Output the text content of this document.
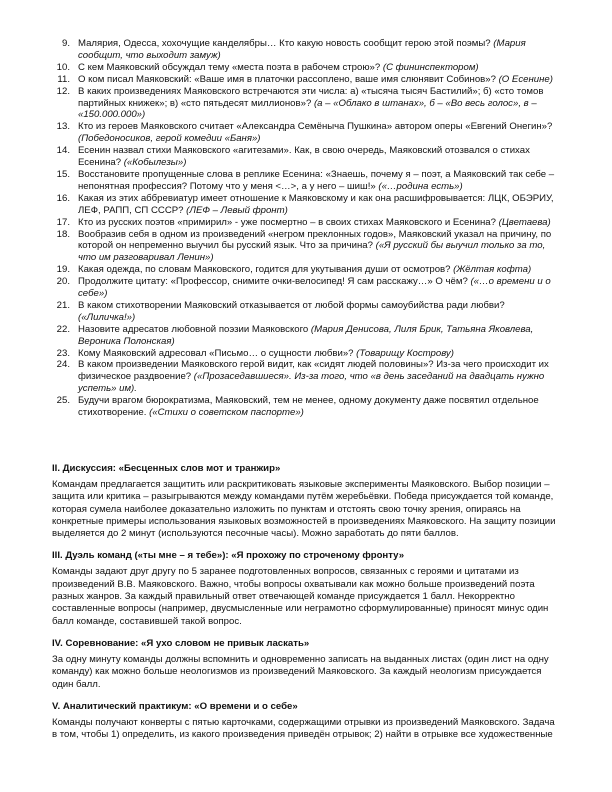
9. Малярия, Одесса, хохочущие канделябры… Кто какую новость сообщит герою этой поэмы? (Мария сообщит, что выходит замуж)
10. С кем Маяковский обсуждал тему «места поэта в рабочем строю»? (С фининспектором)
11. О ком писал Маяковский: «Ваше имя в платочки рассоплено, ваше имя слюнявит Собинов»? (О Есенине)
12. В каких произведениях Маяковского встречаются эти числа: а) «тысяча тысяч Бастилий»; б) «сто томов партийных книжек»; в) «сто пятьдесят миллионов»? (а – «Облако в штанах», б – «Во весь голос», в – «150.000.000»)
13. Кто из героев Маяковского считает «Александра Семёныча Пушкина» автором оперы «Евгений Онегин»? (Победоносиков, герой комедии «Баня»)
14. Есенин назвал стихи Маяковского «агитезами». Как, в свою очередь, Маяковский отозвался о стихах Есенина? («Кобылезы»)
15. Восстановите пропущенные слова в реплике Есенина: «Знаешь, почему я – поэт, а Маяковский так себе – непонятная профессия? Потому что у меня <…>, а у него – шиш!» («…родина есть»)
16. Какая из этих аббревиатур имеет отношение к Маяковскому и как она расшифровывается: ЛЦК, ОБЭРИУ, ЛЕФ, РАПП, СП СССР? (ЛЕФ – Левый фронт)
17. Кто из русских поэтов «примирил» - уже посмертно – в своих стихах Маяковского и Есенина? (Цветаева)
18. Вообразив себя в одном из произведений «негром преклонных годов», Маяковский указал на причину, по которой он непременно выучил бы русский язык. Что за причина? («Я русский бы выучил только за то, что им разговаривал Ленин»)
19. Какая одежда, по словам Маяковского, годится для укутывания души от осмотров? (Жёлтая кофта)
20. Продолжите цитату: «Профессор, снимите очки-велосипед! Я сам расскажу…» О чём? («…о времени и о себе»)
21. В каком стихотворении Маяковский отказывается от любой формы самоубийства ради любви? («Лиличка!»)
22. Назовите адресатов любовной поэзии Маяковского (Мария Денисова, Лиля Брик, Татьяна Яковлева, Вероника Полонская)
23. Кому Маяковский адресовал «Письмо… о сущности любви»? (Товарищу Кострову)
24. В каком произведении Маяковского герой видит, как «сидят людей половины»? Из-за чего происходит их физическое раздвоение? («Прозаседавшиеся». Из-за того, что «в день заседаний на двадцать нужно успеть» им).
25. Будучи врагом бюрократизма, Маяковский, тем не менее, одному документу даже посвятил отдельное стихотворение. («Стихи о советском паспорте»)
II. Дискуссия: «Бесценных слов мот и транжир»
Командам предлагается защитить или раскритиковать языковые эксперименты Маяковского. Выбор позиции – защита или критика – разыгрываются между командами путём жеребьёвки. Победа присуждается той команде, которая сумела наиболее доказательно изложить по пунктам и отстоять свою точку зрения, опираясь на конкретные примеры использования языковых возможностей в произведениях Маяковского. На защиту позиции выделяется до 2 минут (используются песочные часы). Можно заработать до пяти баллов.
III. Дуэль команд («ты мне – я тебе»): «Я прохожу по строченому фронту»
Команды задают друг другу по 5 заранее подготовленных вопросов, связанных с героями и цитатами из произведений В.В. Маяковского. Важно, чтобы вопросы охватывали как можно больше произведений поэта разных жанров. За каждый правильный ответ отвечающей команде присуждается 1 балл. Некорректно составленные вопросы (например, двусмысленные или неграмотно сформулированные) приносят минус один балл команде, составившей такой вопрос.
IV. Соревнование: «Я ухо словом не привык ласкать»
За одну минуту команды должны вспомнить и одновременно записать на выданных листах (один лист на одну команду) как можно больше неологизмов из произведений Маяковского. За каждый неологизм присуждается один балл.
V. Аналитический практикум: «О времени и о себе»
Команды получают конверты с пятью карточками, содержащими отрывки из произведений Маяковского. Задача в том, чтобы 1) определить, из какого произведения приведён отрывок; 2) найти в отрывке все художественные
